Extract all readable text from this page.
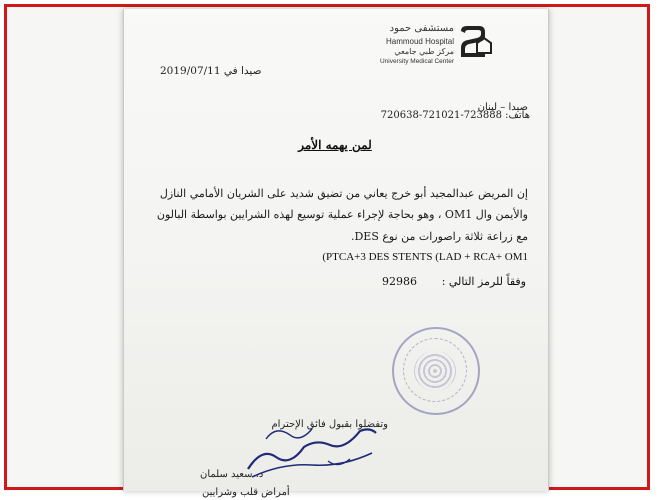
مستشفى حمود
Hammoud Hospital
مركز طبي جامعي
University Medical Center
2019/07/11 صيدا في
صيدا – لبنان
هاتف: 723888-721021-720638
لمن يهمه الأمر
إن المريض عبدالمجيد أبو خرج يعاني من تضيق شديد على الشريان الأمامي النازل
والأيمن وال OM1 ، وهو بحاجة لإجراء عملية توسيع لهذه الشرايين بواسطة البالون
مع زراعة ثلاثة راصورات من نوع DES.
(PTCA+3 DES STENTS (LAD + RCA+ OM1
وفقاً للرمز التالي :
92986
وتفضلوا بقبول فائق الإحترام
د. سعيد سلمان
أمراض قلب وشرايين
